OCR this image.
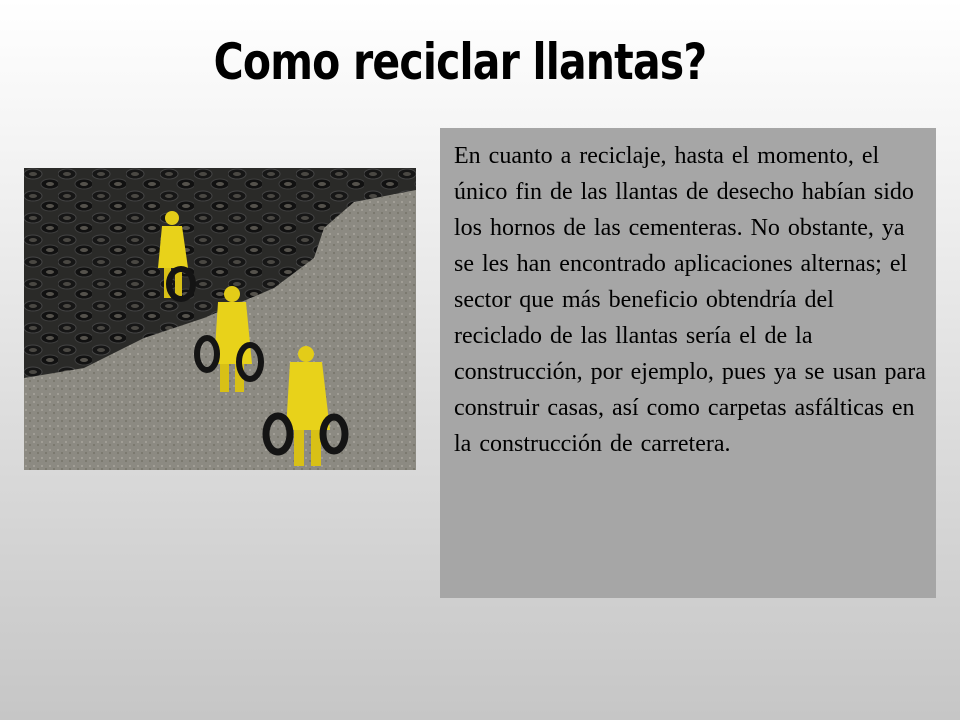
Como reciclar llantas?

En cuanto a reciclaje, hasta el momento, el único fin de las llantas de desecho habían sido los hornos de las cementeras. No obstante, ya se les han encontrado aplicaciones alternas; el sector que más beneficio obtendría del reciclado de las llantas sería el de la construcción, por ejemplo, pues ya se usan para construir casas, así como carpetas asfálticas en la construcción de carretera.
